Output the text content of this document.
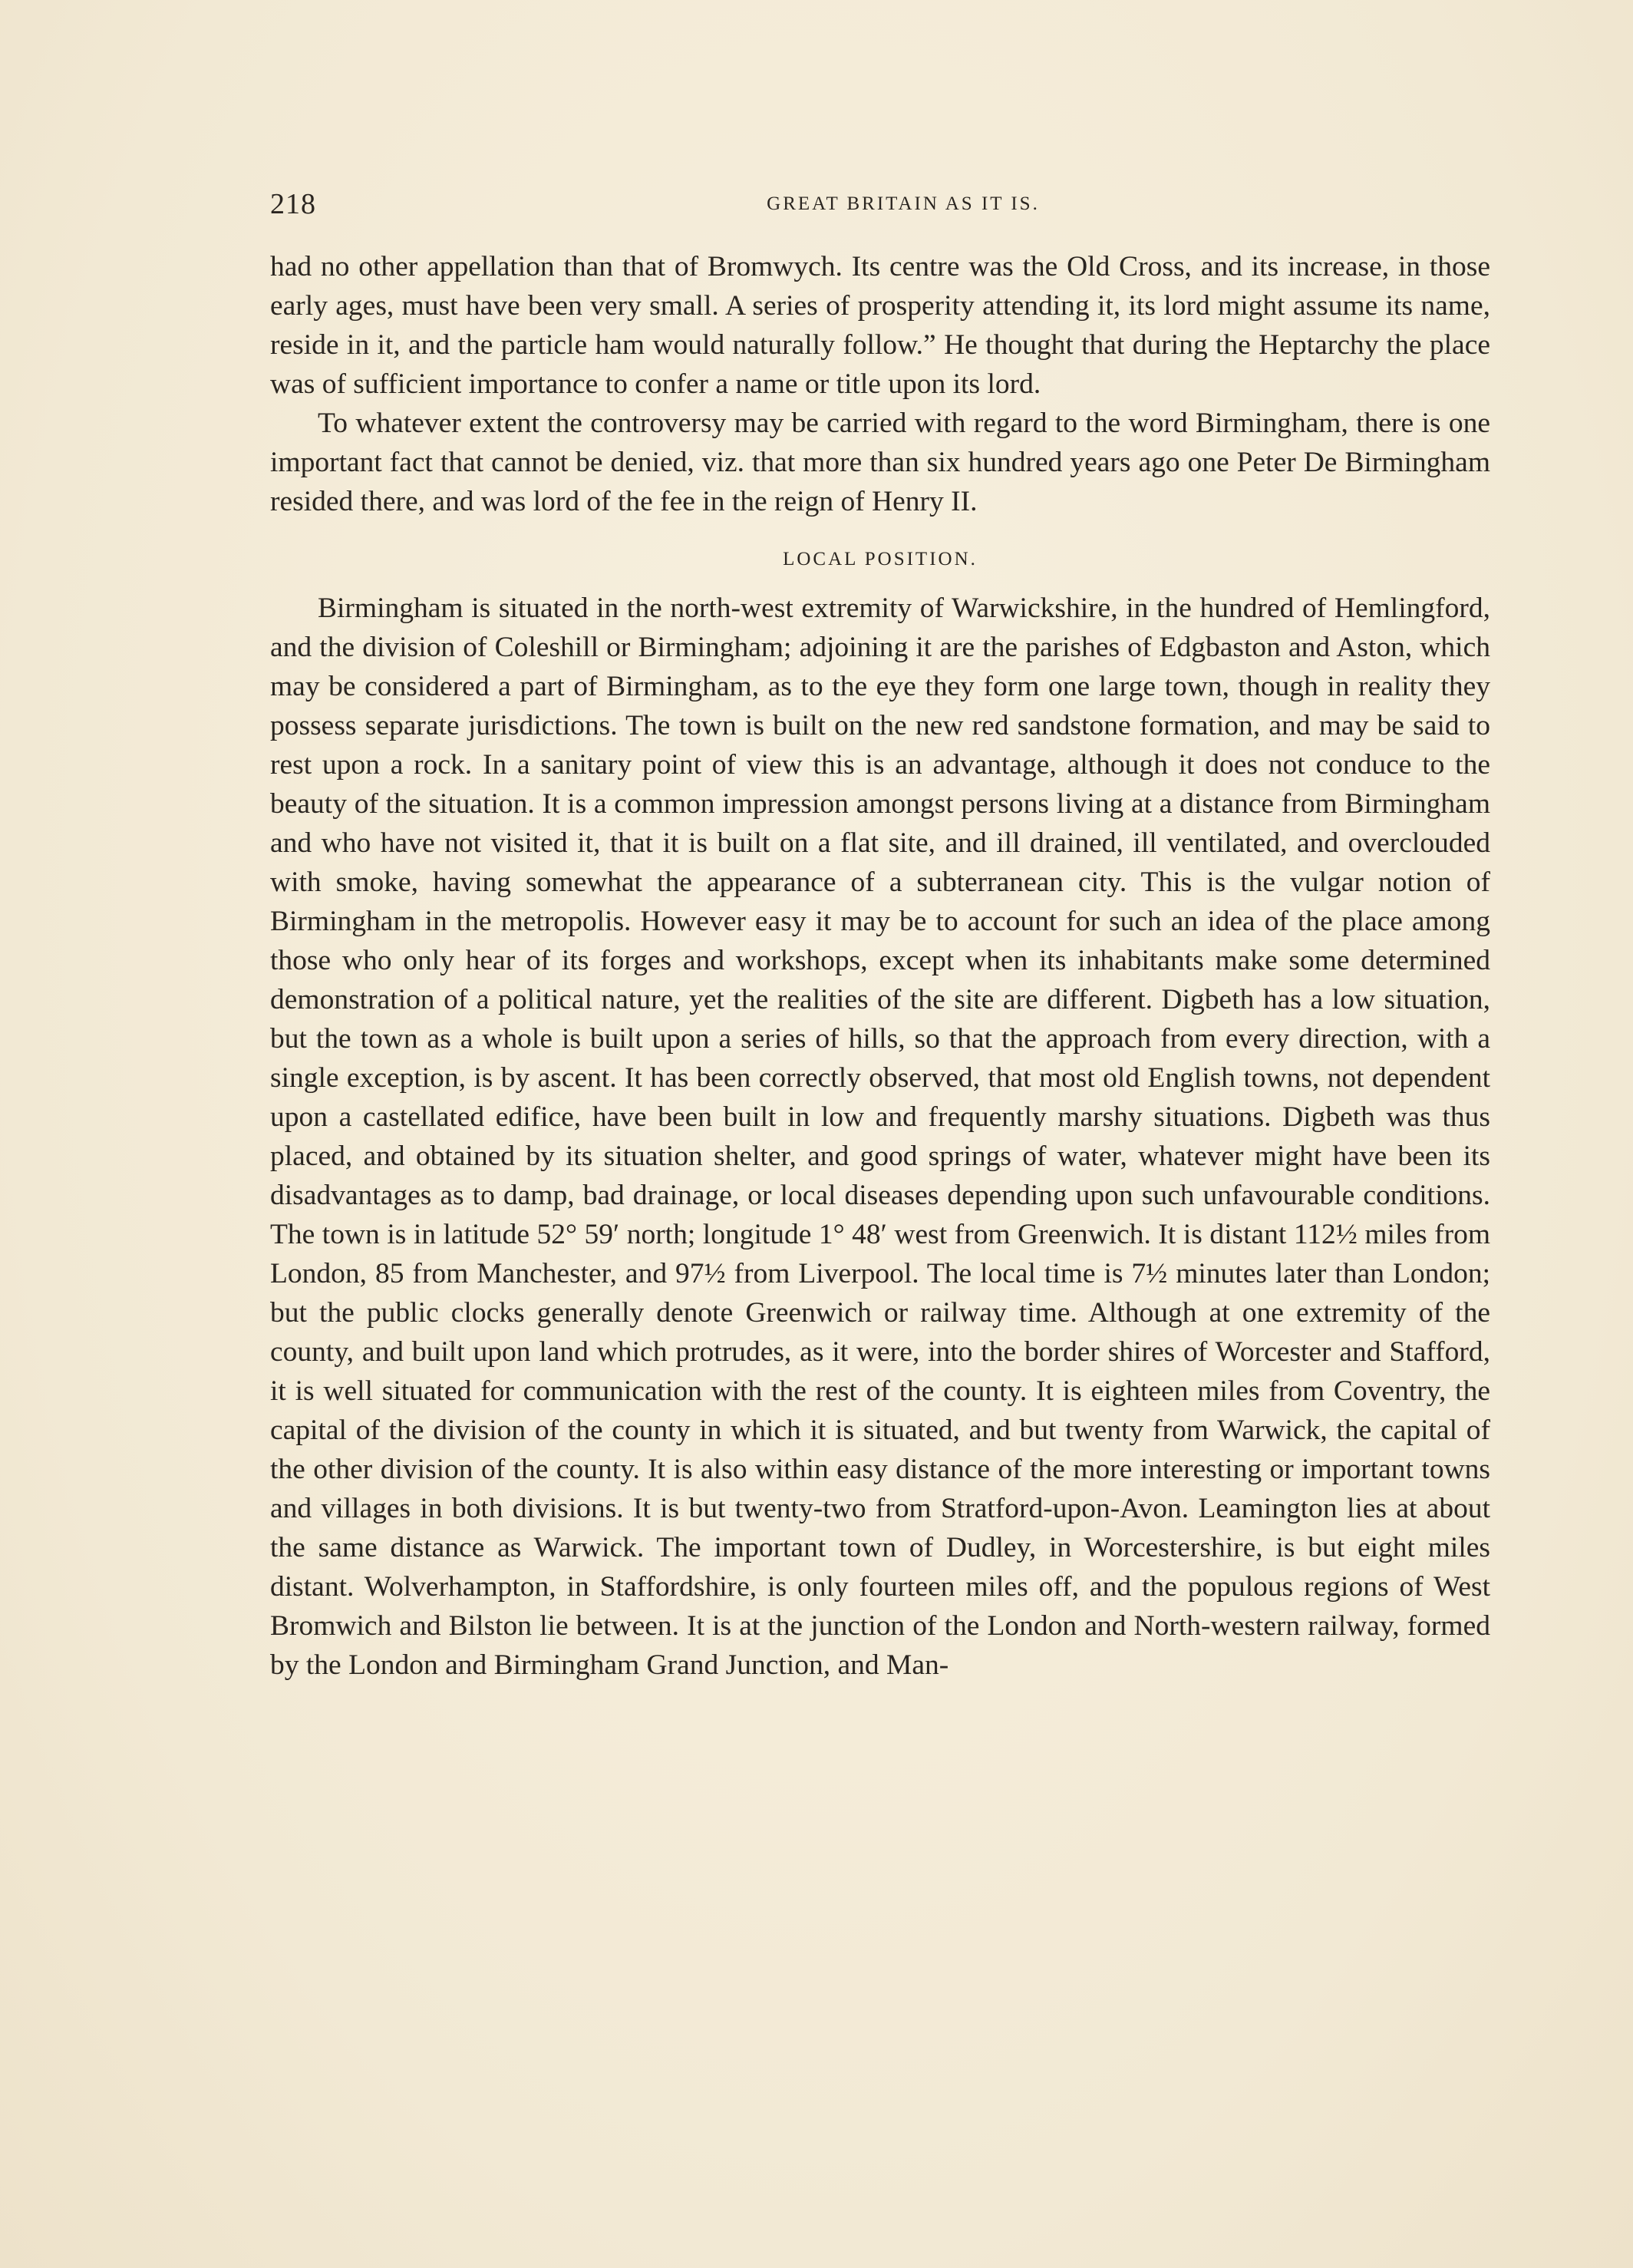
218	GREAT BRITAIN AS IT IS.

had no other appellation than that of Bromwych. Its centre was the Old Cross, and its increase, in those early ages, must have been very small. A series of prosperity attending it, its lord might assume its name, reside in it, and the particle ham would naturally follow.” He thought that during the Heptarchy the place was of sufficient importance to confer a name or title upon its lord.

To whatever extent the controversy may be carried with regard to the word Birmingham, there is one important fact that cannot be denied, viz. that more than six hundred years ago one Peter De Birmingham resided there, and was lord of the fee in the reign of Henry II.

LOCAL POSITION.

Birmingham is situated in the north-west extremity of Warwickshire, in the hundred of Hemlingford, and the division of Coleshill or Birmingham; adjoining it are the parishes of Edgbaston and Aston, which may be considered a part of Birmingham, as to the eye they form one large town, though in reality they possess separate jurisdictions. The town is built on the new red sandstone formation, and may be said to rest upon a rock. In a sanitary point of view this is an advantage, although it does not conduce to the beauty of the situation. It is a common impression amongst persons living at a distance from Birmingham and who have not visited it, that it is built on a flat site, and ill drained, ill ventilated, and overclouded with smoke, having somewhat the appearance of a subterranean city. This is the vulgar notion of Birmingham in the metropolis. However easy it may be to account for such an idea of the place among those who only hear of its forges and workshops, except when its inhabitants make some determined demonstration of a political nature, yet the realities of the site are different. Digbeth has a low situation, but the town as a whole is built upon a series of hills, so that the approach from every direction, with a single exception, is by ascent. It has been correctly observed, that most old English towns, not dependent upon a castellated edifice, have been built in low and frequently marshy situations. Digbeth was thus placed, and obtained by its situation shelter, and good springs of water, whatever might have been its disadvantages as to damp, bad drainage, or local diseases depending upon such unfavourable conditions. The town is in latitude 52° 59′ north; longitude 1° 48′ west from Greenwich. It is distant 112½ miles from London, 85 from Manchester, and 97½ from Liverpool. The local time is 7½ minutes later than London; but the public clocks generally denote Greenwich or railway time. Although at one extremity of the county, and built upon land which protrudes, as it were, into the border shires of Worcester and Stafford, it is well situated for communication with the rest of the county. It is eighteen miles from Coventry, the capital of the division of the county in which it is situated, and but twenty from Warwick, the capital of the other division of the county. It is also within easy distance of the more interesting or important towns and villages in both divisions. It is but twenty-two from Stratford-upon-Avon. Leamington lies at about the same distance as Warwick. The important town of Dudley, in Worcestershire, is but eight miles distant. Wolverhampton, in Staffordshire, is only fourteen miles off, and the populous regions of West Bromwich and Bilston lie between. It is at the junction of the London and North-western railway, formed by the London and Birmingham Grand Junction, and Man-
